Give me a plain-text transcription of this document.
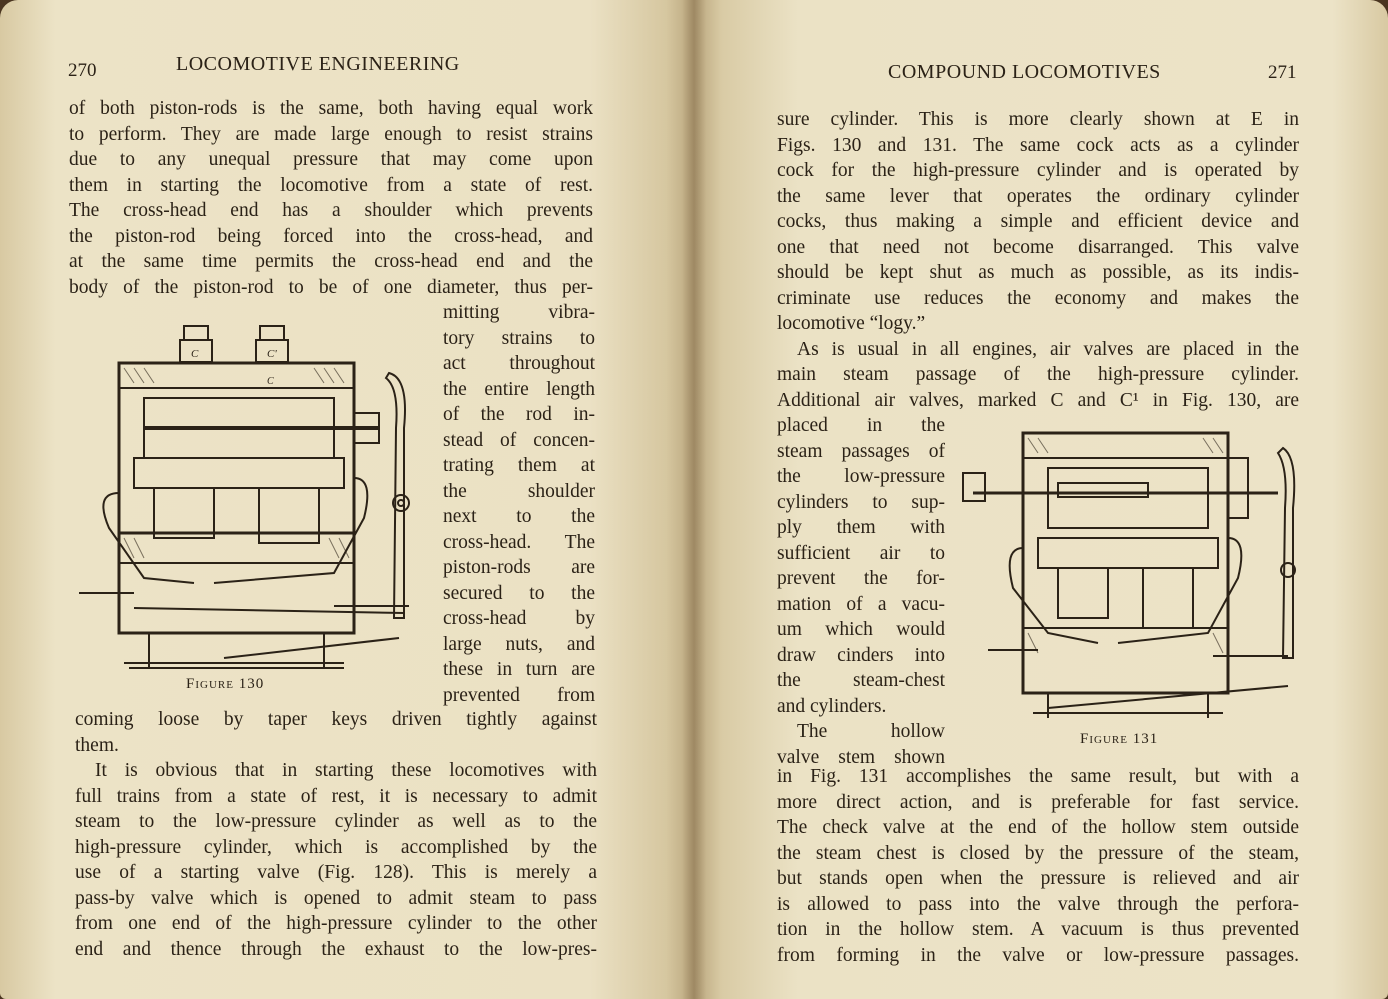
270	LOCOMOTIVE ENGINEERING
of both piston-rods is the same, both having equal work
to perform. They are made large enough to resist strains
due to any unequal pressure that may come upon
them in starting the locomotive from a state of rest.
The cross-head end has a shoulder which prevents
the piston-rod being forced into the cross-head, and
at the same time permits the cross-head end and the
body of the piston-rod to be of one diameter, thus per-
C	C'
C
Figure 130
mitting vibra-
tory strains to
act throughout
the entire length
of the rod in-
stead of concen-
trating them at
the shoulder
next to the
cross-head. The
piston-rods are
secured to the
cross-head by
large nuts, and
these in turn are
prevented from
coming loose by taper keys driven tightly against
them.
It is obvious that in starting these locomotives with
full trains from a state of rest, it is necessary to admit
steam to the low-pressure cylinder as well as to the
high-pressure cylinder, which is accomplished by the
use of a starting valve (Fig. 128). This is merely a
pass-by valve which is opened to admit steam to pass
from one end of the high-pressure cylinder to the other
end and thence through the exhaust to the low-pres-
COMPOUND LOCOMOTIVES	271
sure cylinder. This is more clearly shown at E in
Figs. 130 and 131. The same cock acts as a cylinder
cock for the high-pressure cylinder and is operated by
the same lever that operates the ordinary cylinder
cocks, thus making a simple and efficient device and
one that need not become disarranged. This valve
should be kept shut as much as possible, as its indis-
criminate use reduces the economy and makes the
locomotive “logy.”
As is usual in all engines, air valves are placed in the
main steam passage of the high-pressure cylinder.
Additional air valves, marked C and C¹ in Fig. 130, are
placed in the
steam passages of
the low-pressure
cylinders to sup-
ply them with
sufficient air to
prevent the for-
mation of a vacu-
um which would
draw cinders into
the steam-chest
and cylinders.
The hollow
valve stem shown
Figure 131
in Fig. 131 accomplishes the same result, but with a
more direct action, and is preferable for fast service.
The check valve at the end of the hollow stem outside
the steam chest is closed by the pressure of the steam,
but stands open when the pressure is relieved and air
is allowed to pass into the valve through the perfora-
tion in the hollow stem. A vacuum is thus prevented
from forming in the valve or low-pressure passages.
